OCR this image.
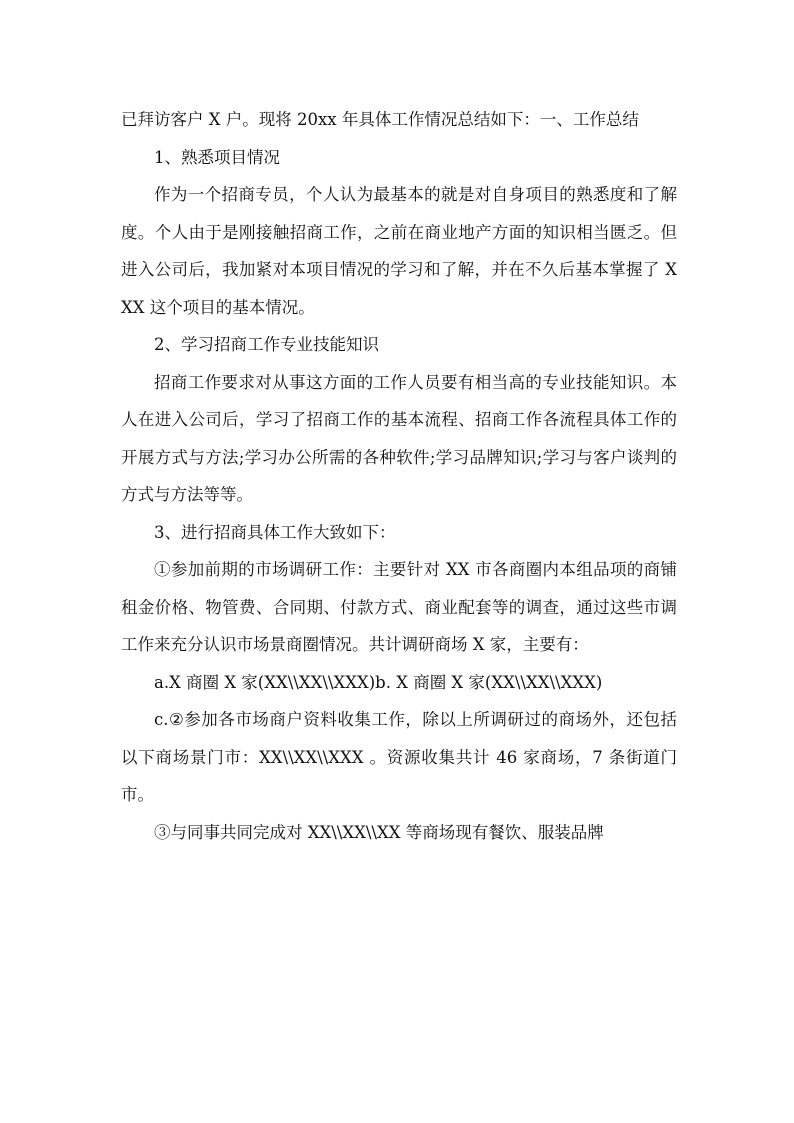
已拜访客户 X 户。现将 20xx 年具体工作情况总结如下：一、工作总结

1、熟悉项目情况

作为一个招商专员，个人认为最基本的就是对自身项目的熟悉度和了解度。个人由于是刚接触招商工作，之前在商业地产方面的知识相当匮乏。但进入公司后，我加紧对本项目情况的学习和了解，并在不久后基本掌握了 XXX 这个项目的基本情况。

2、学习招商工作专业技能知识

招商工作要求对从事这方面的工作人员要有相当高的专业技能知识。本人在进入公司后，学习了招商工作的基本流程、招商工作各流程具体工作的开展方式与方法;学习办公所需的各种软件;学习品牌知识;学习与客户谈判的方式与方法等等。

3、进行招商具体工作大致如下：

①参加前期的市场调研工作：主要针对 XX 市各商圈内本组品项的商铺租金价格、物管费、合同期、付款方式、商业配套等的调查，通过这些市调工作来充分认识市场景商圈情况。共计调研商场 X 家，主要有：

a.X 商圈 X 家(XX\\XX\\XXX)b. X 商圈 X 家(XX\\XX\\XXX)

c.②参加各市场商户资料收集工作，除以上所调研过的商场外，还包括以下商场景门市：XX\\XX\\XXX 。资源收集共计 46 家商场，7 条街道门市。

③与同事共同完成对 XX\\XX\\XX 等商场现有餐饮、服装品牌
